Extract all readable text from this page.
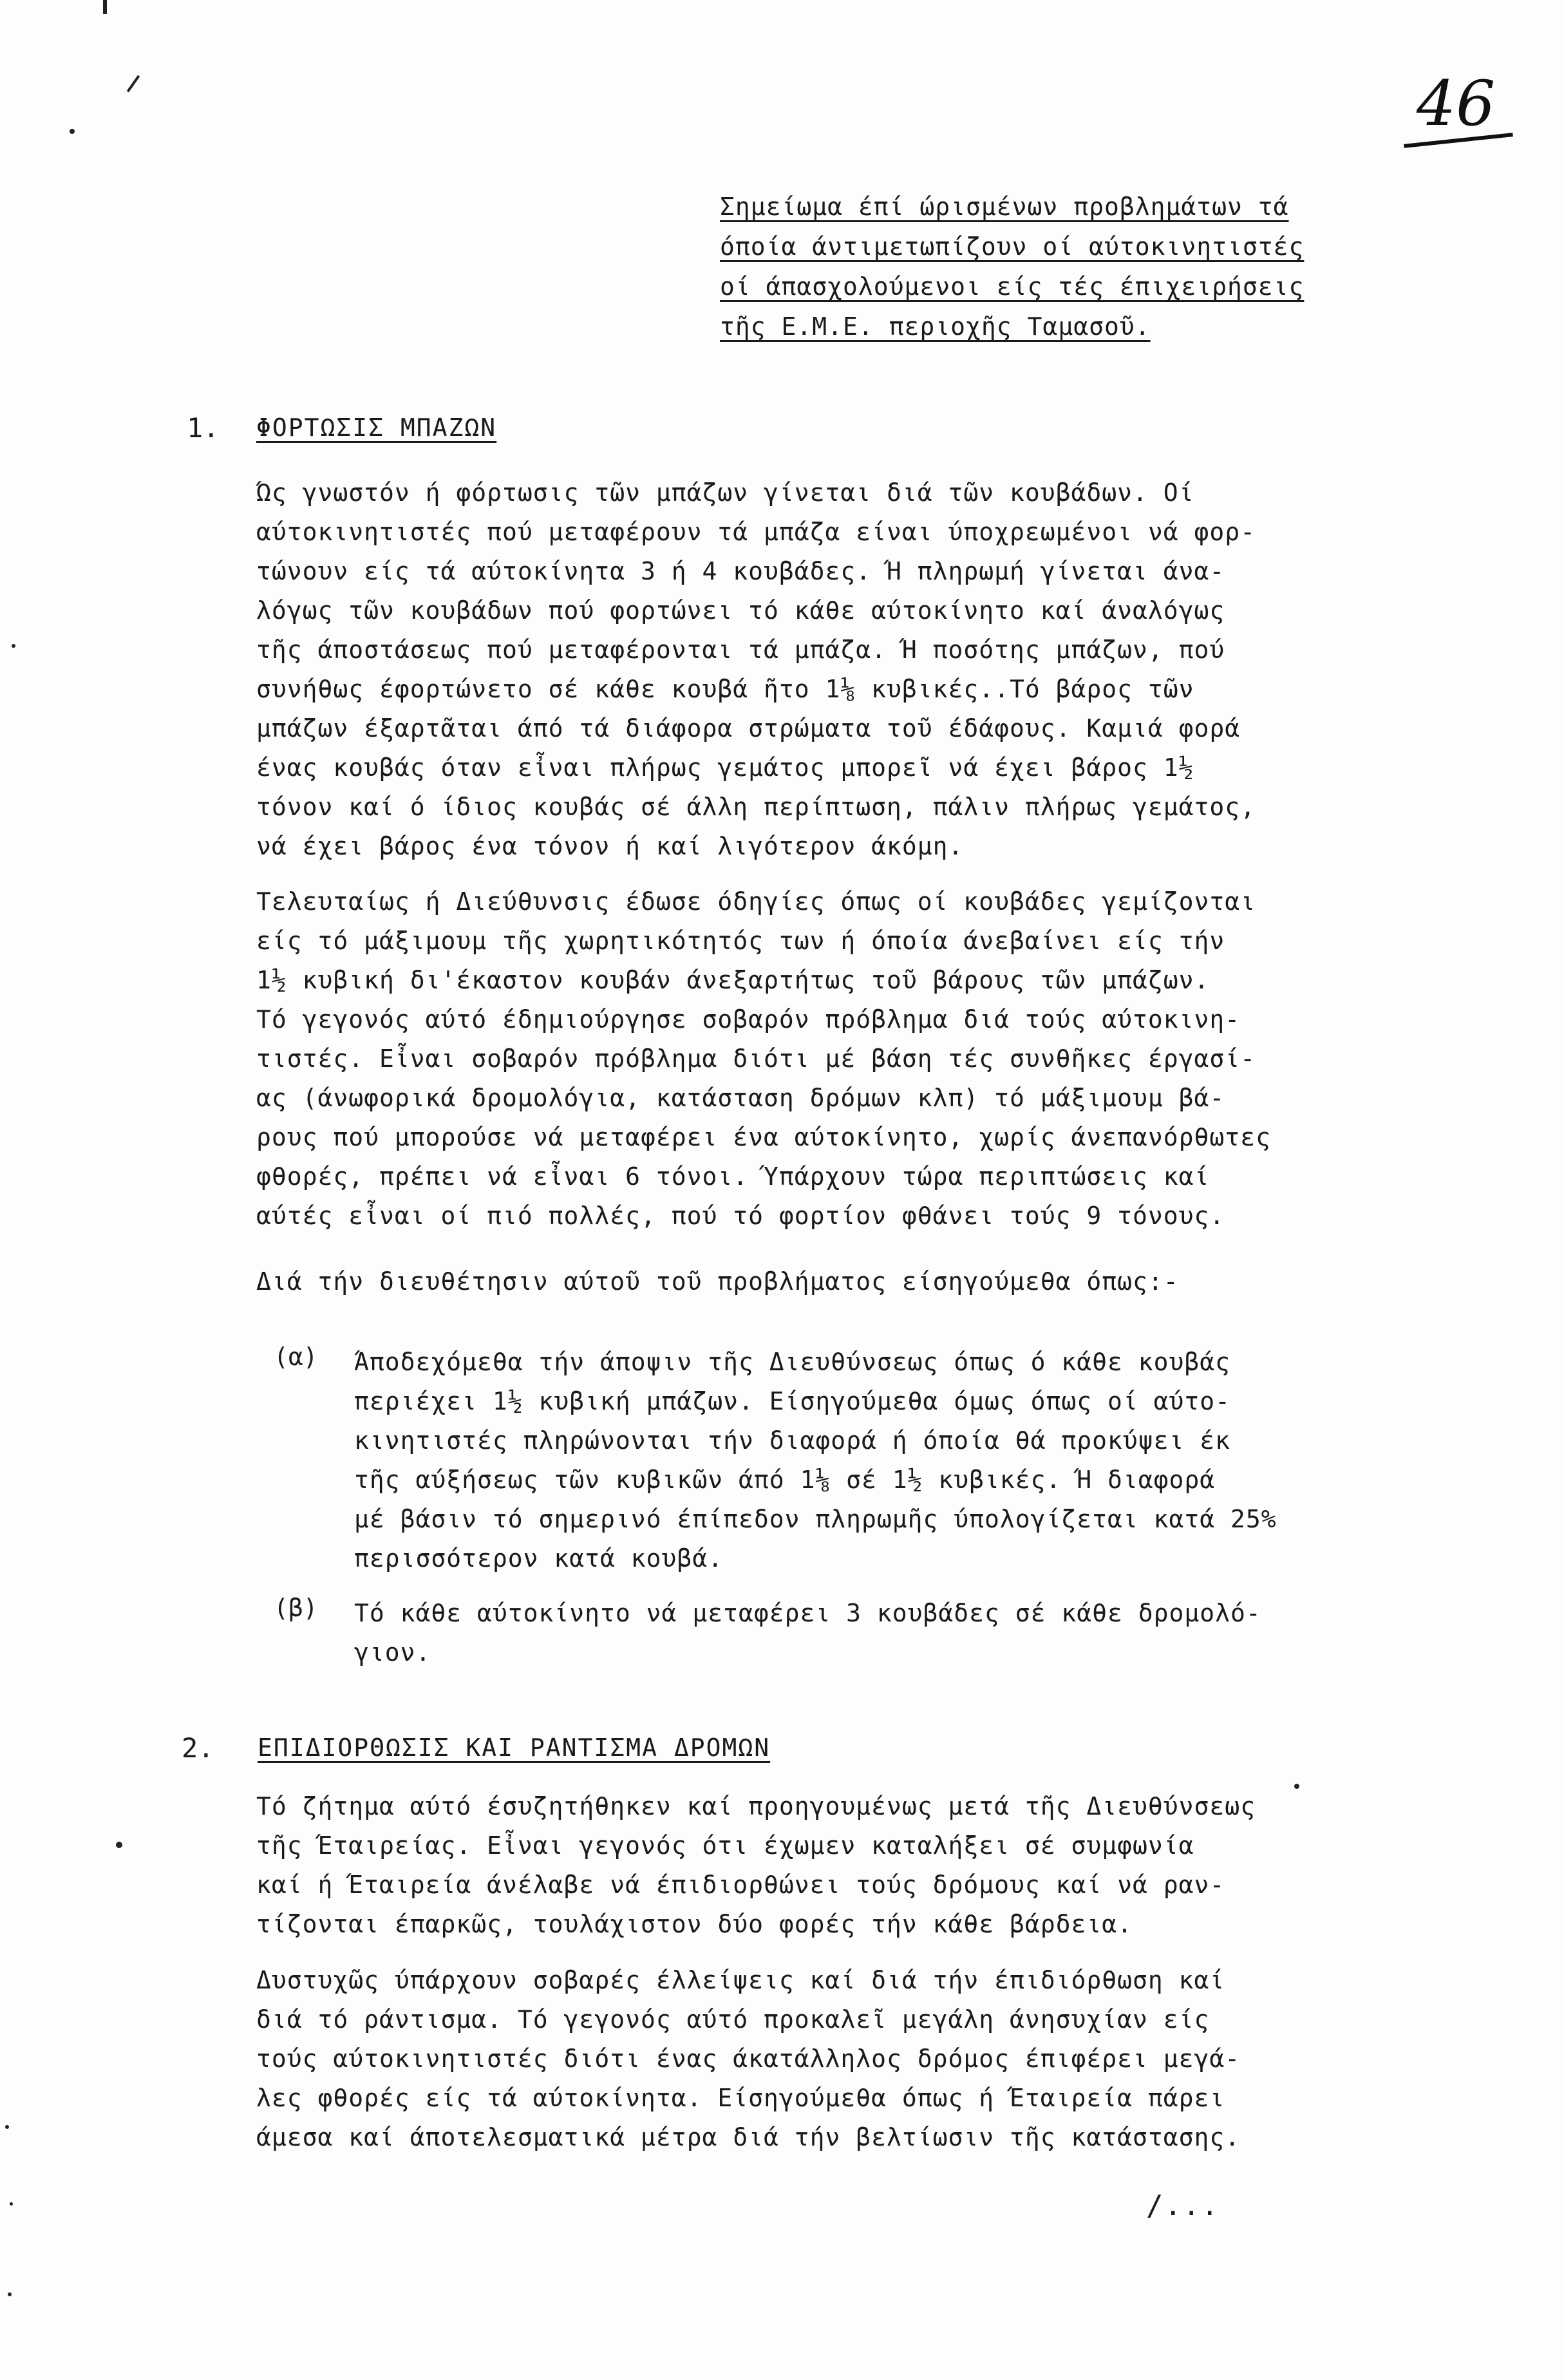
46
Σημείωμα έπί ώρισμένων προβλημάτων τά
όποία άντιμετωπίζουν οί αύτοκινητιστές
οί άπασχολούμενοι είς τές έπιχειρήσεις
τῆς Ε.Μ.Ε. περιοχῆς Ταμασοῦ.
1. ΦΟΡΤΩΣΙΣ ΜΠΑΖΩΝ
Ώς γνωστόν ή φόρτωσις τῶν μπάζων γίνεται διά τῶν κουβάδων. Οί
αύτοκινητιστές πού μεταφέρουν τά μπάζα είναι ύποχρεωμένοι νά φορ-
τώνουν είς τά αύτοκίνητα 3 ή 4 κουβάδες. Ή πληρωμή γίνεται άνα-
λόγως τῶν κουβάδων πού φορτώνει τό κάθε αύτοκίνητο καί άναλόγως
τῆς άποστάσεως πού μεταφέρονται τά μπάζα. Ή ποσότης μπάζων, πού
συνήθως έφορτώνετο σέ κάθε κουβά ῆτο 1⅛ κυβικές..Τό βάρος τῶν
μπάζων έξαρτᾶται άπό τά διάφορα στρώματα τοῦ έδάφους. Καμιά φορά
ένας κουβάς όταν εἶναι πλήρως γεμάτος μπορεῖ νά έχει βάρος 1½
τόνον καί ό ίδιος κουβάς σέ άλλη περίπτωση, πάλιν πλήρως γεμάτος,
νά έχει βάρος ένα τόνον ή καί λιγότερον άκόμη.
Τελευταίως ή Διεύθυνσις έδωσε όδηγίες όπως οί κουβάδες γεμίζονται
είς τό μάξιμουμ τῆς χωρητικότητός των ή όποία άνεβαίνει είς τήν
1½ κυβική δι'έκαστον κουβάν άνεξαρτήτως τοῦ βάρους τῶν μπάζων.
Τό γεγονός αύτό έδημιούργησε σοβαρόν πρόβλημα διά τούς αύτοκινη-
τιστές. Εἶναι σοβαρόν πρόβλημα διότι μέ βάση τές συνθῆκες έργασί-
ας (άνωφορικά δρομολόγια, κατάσταση δρόμων κλπ) τό μάξιμουμ βά-
ρους πού μπορούσε νά μεταφέρει ένα αύτοκίνητο, χωρίς άνεπανόρθωτες
φθορές, πρέπει νά εἶναι 6 τόνοι. Ύπάρχουν τώρα περιπτώσεις καί
αύτές εἶναι οί πιό πολλές, πού τό φορτίον φθάνει τούς 9 τόνους.
Διά τήν διευθέτησιν αύτοῦ τοῦ προβλήματος είσηγούμεθα όπως:-
(α) Άποδεχόμεθα τήν άποψιν τῆς Διευθύνσεως όπως ό κάθε κουβάς
περιέχει 1½ κυβική μπάζων. Είσηγούμεθα όμως όπως οί αύτο-
κινητιστές πληρώνονται τήν διαφορά ή όποία θά προκύψει έκ
τῆς αύξήσεως τῶν κυβικῶν άπό 1⅛ σέ 1½ κυβικές. Ή διαφορά
μέ βάσιν τό σημερινό έπίπεδον πληρωμῆς ύπολογίζεται κατά 25%
περισσότερον κατά κουβά.
(β) Τό κάθε αύτοκίνητο νά μεταφέρει 3 κουβάδες σέ κάθε δρομολό-
γιον.
2. ΕΠΙΔΙΟΡΘΩΣΙΣ ΚΑΙ ΡΑΝΤΙΣΜΑ ΔΡΟΜΩΝ
Τό ζήτημα αύτό έσυζητήθηκεν καί προηγουμένως μετά τῆς Διευθύνσεως
τῆς Έταιρείας. Εἶναι γεγονός ότι έχωμεν καταλήξει σέ συμφωνία
καί ή Έταιρεία άνέλαβε νά έπιδιορθώνει τούς δρόμους καί νά ραν-
τίζονται έπαρκῶς, τουλάχιστον δύο φορές τήν κάθε βάρδεια.
Δυστυχῶς ύπάρχουν σοβαρές έλλείψεις καί διά τήν έπιδιόρθωση καί
διά τό ράντισμα. Τό γεγονός αύτό προκαλεῖ μεγάλη άνησυχίαν είς
τούς αύτοκινητιστές διότι ένας άκατάλληλος δρόμος έπιφέρει μεγά-
λες φθορές είς τά αύτοκίνητα. Είσηγούμεθα όπως ή Έταιρεία πάρει
άμεσα καί άποτελεσματικά μέτρα διά τήν βελτίωσιν τῆς κατάστασης.
/...
